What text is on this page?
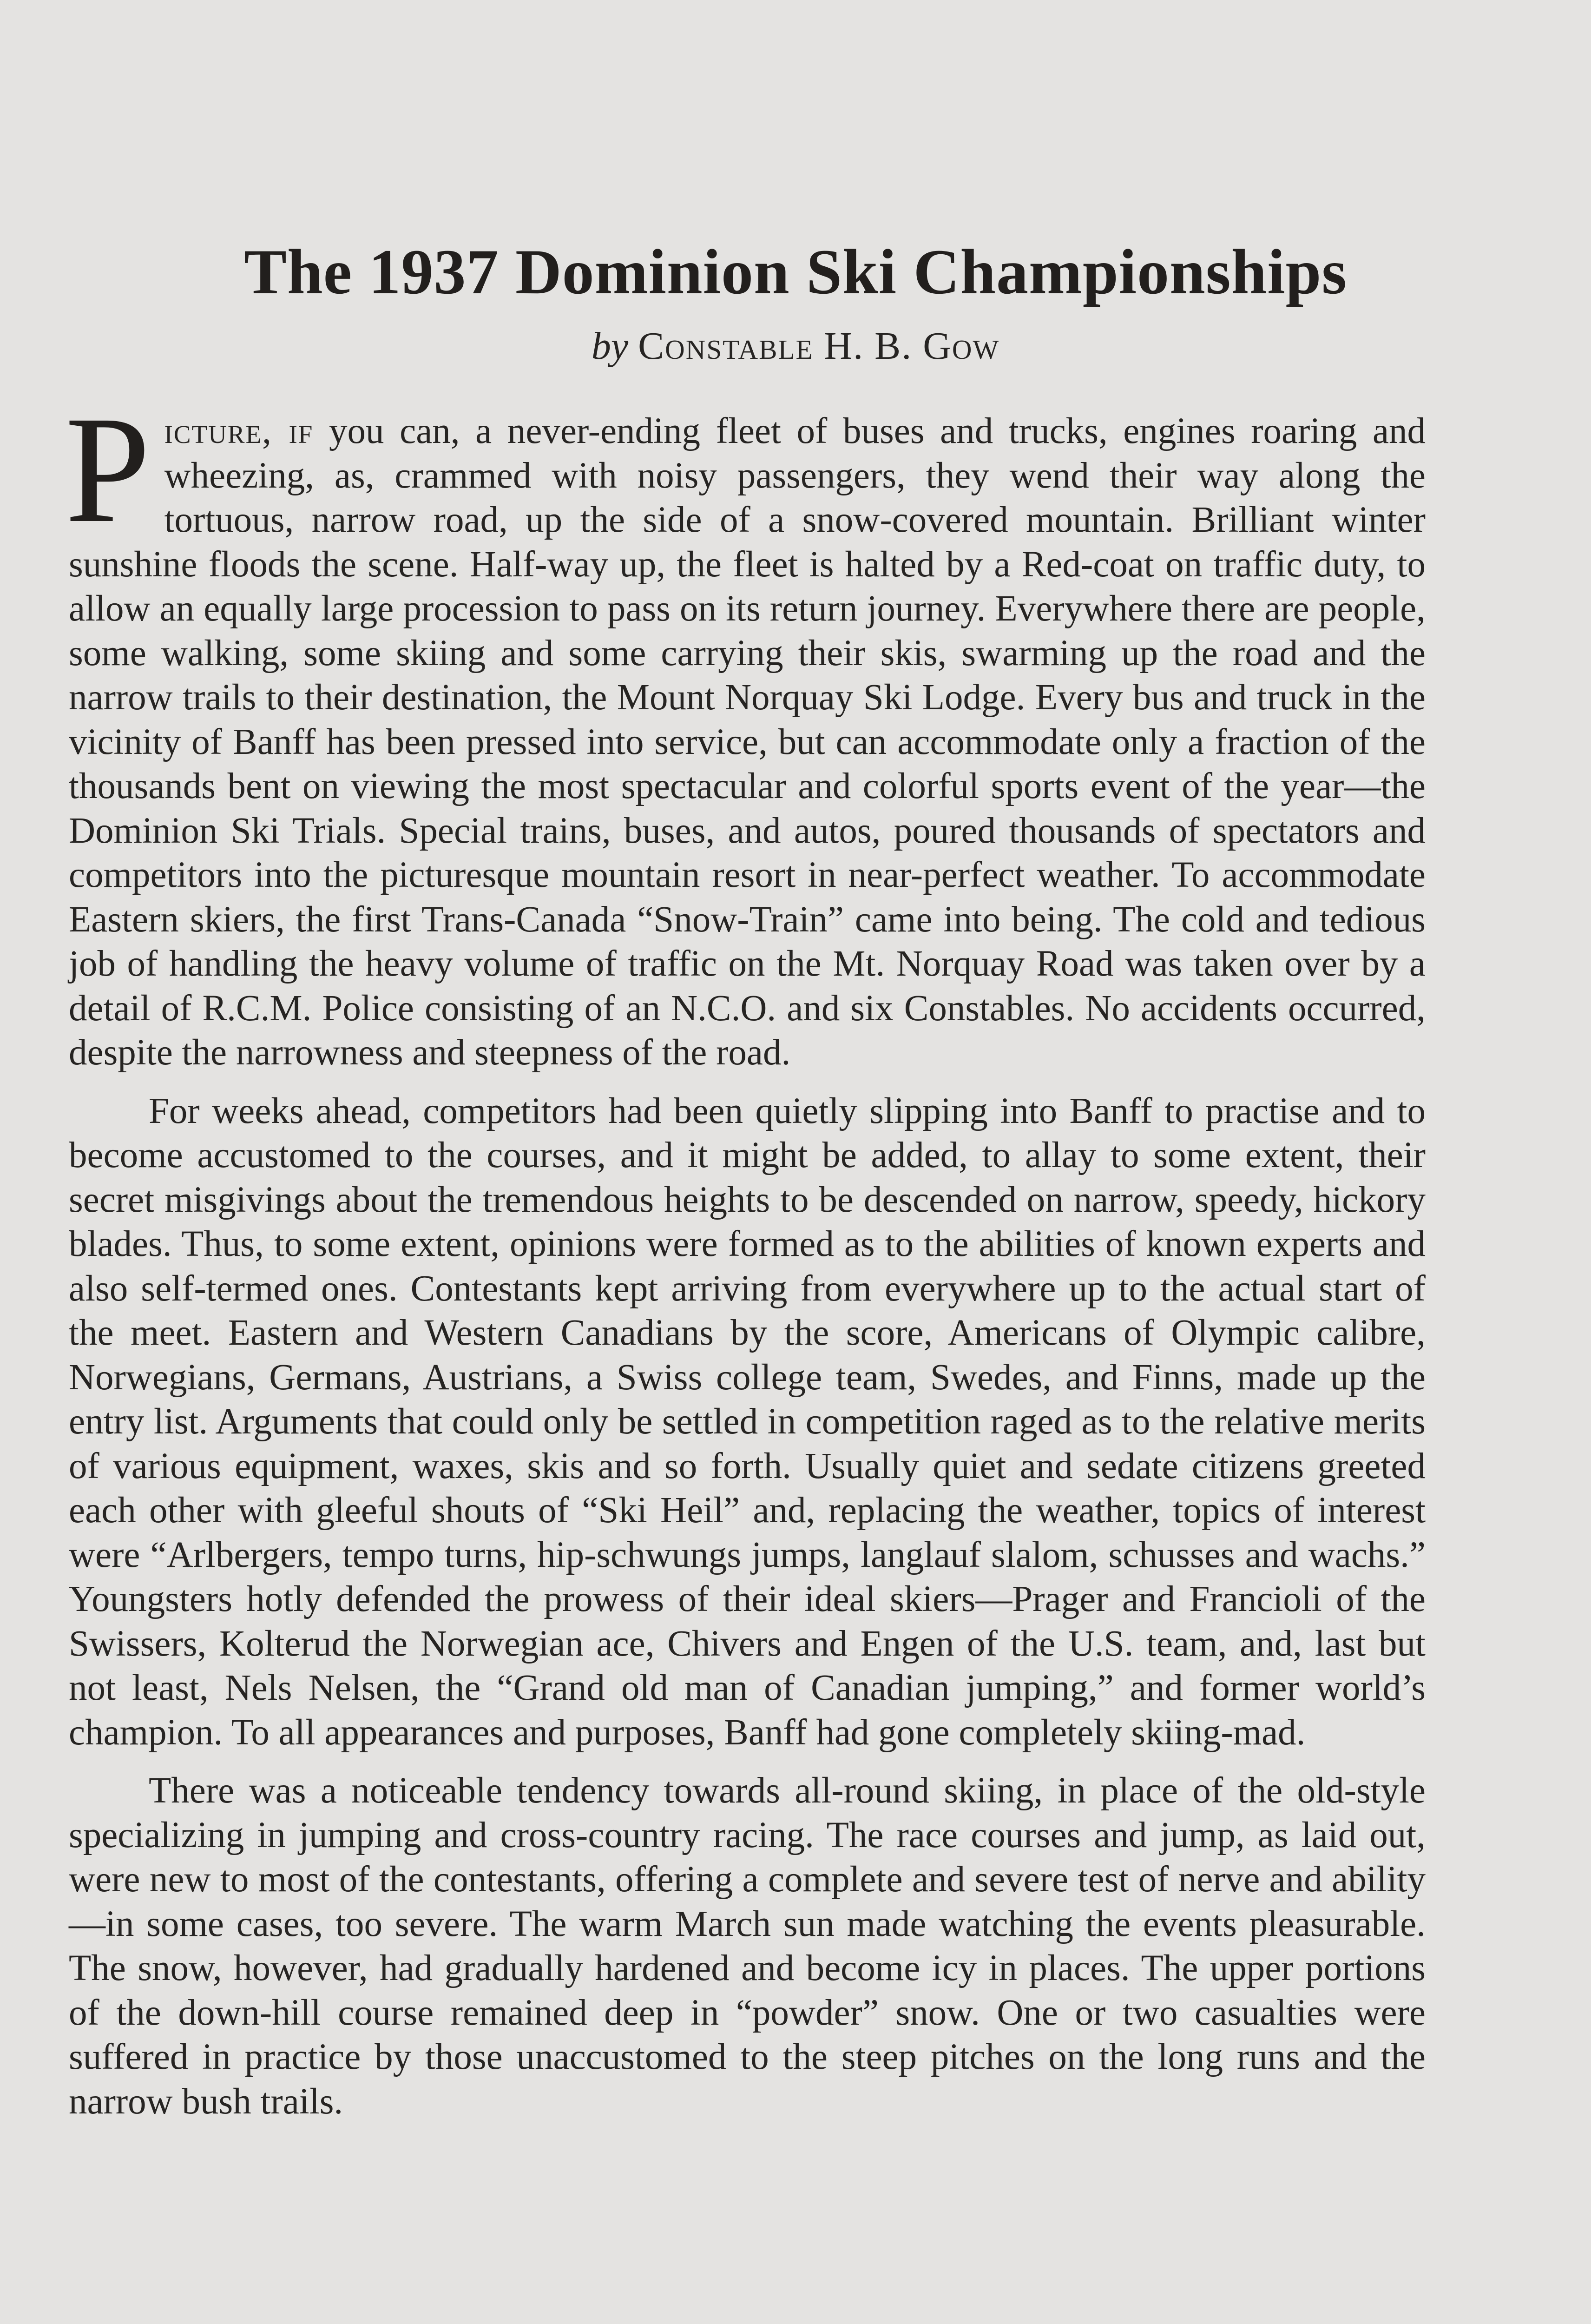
The 1937 Dominion Ski Championships
by Constable H. B. Gow

Picture, if you can, a never-ending fleet of buses and trucks, engines roaring and wheezing, as, crammed with noisy passengers, they wend their way along the tortuous, narrow road, up the side of a snow-covered mountain. Brilliant winter sunshine floods the scene. Half-way up, the fleet is halted by a Red-coat on traffic duty, to allow an equally large procession to pass on its return journey. Everywhere there are people, some walking, some skiing and some carrying their skis, swarming up the road and the narrow trails to their destination, the Mount Norquay Ski Lodge. Every bus and truck in the vicinity of Banff has been pressed into service, but can accommodate only a fraction of the thousands bent on viewing the most spectacular and colorful sports event of the year—the Dominion Ski Trials. Special trains, buses, and autos, poured thousands of spectators and competitors into the picturesque mountain resort in near-perfect weather. To accommodate Eastern skiers, the first Trans-Canada “Snow-Train” came into being. The cold and tedious job of handling the heavy volume of traffic on the Mt. Norquay Road was taken over by a detail of R.C.M. Police consisting of an N.C.O. and six Constables. No accidents occurred, despite the narrowness and steepness of the road.

For weeks ahead, competitors had been quietly slipping into Banff to practise and to become accustomed to the courses, and it might be added, to allay to some extent, their secret misgivings about the tremendous heights to be descended on narrow, speedy, hickory blades. Thus, to some extent, opinions were formed as to the abilities of known experts and also self-termed ones. Contestants kept arriving from everywhere up to the actual start of the meet. Eastern and Western Canadians by the score, Americans of Olympic calibre, Norwegians, Germans, Austrians, a Swiss college team, Swedes, and Finns, made up the entry list. Arguments that could only be settled in competition raged as to the relative merits of various equipment, waxes, skis and so forth. Usually quiet and sedate citizens greeted each other with gleeful shouts of “Ski Heil” and, replacing the weather, topics of interest were “Arlbergers, tempo turns, hip-schwungs jumps, langlauf slalom, schusses and wachs.” Youngsters hotly defended the prowess of their ideal skiers—Prager and Francioli of the Swissers, Kolterud the Norwegian ace, Chivers and Engen of the U.S. team, and, last but not least, Nels Nelsen, the “Grand old man of Canadian jumping,” and former world’s champion. To all appearances and purposes, Banff had gone completely skiing-mad.

There was a noticeable tendency towards all-round skiing, in place of the old-style specializing in jumping and cross-country racing. The race courses and jump, as laid out, were new to most of the contestants, offering a complete and severe test of nerve and ability—in some cases, too severe. The warm March sun made watching the events pleasurable. The snow, however, had gradually hardened and become icy in places. The upper portions of the down-hill course remained deep in “powder” snow. One or two casualties were suffered in practice by those unaccustomed to the steep pitches on the long runs and the narrow bush trails.
